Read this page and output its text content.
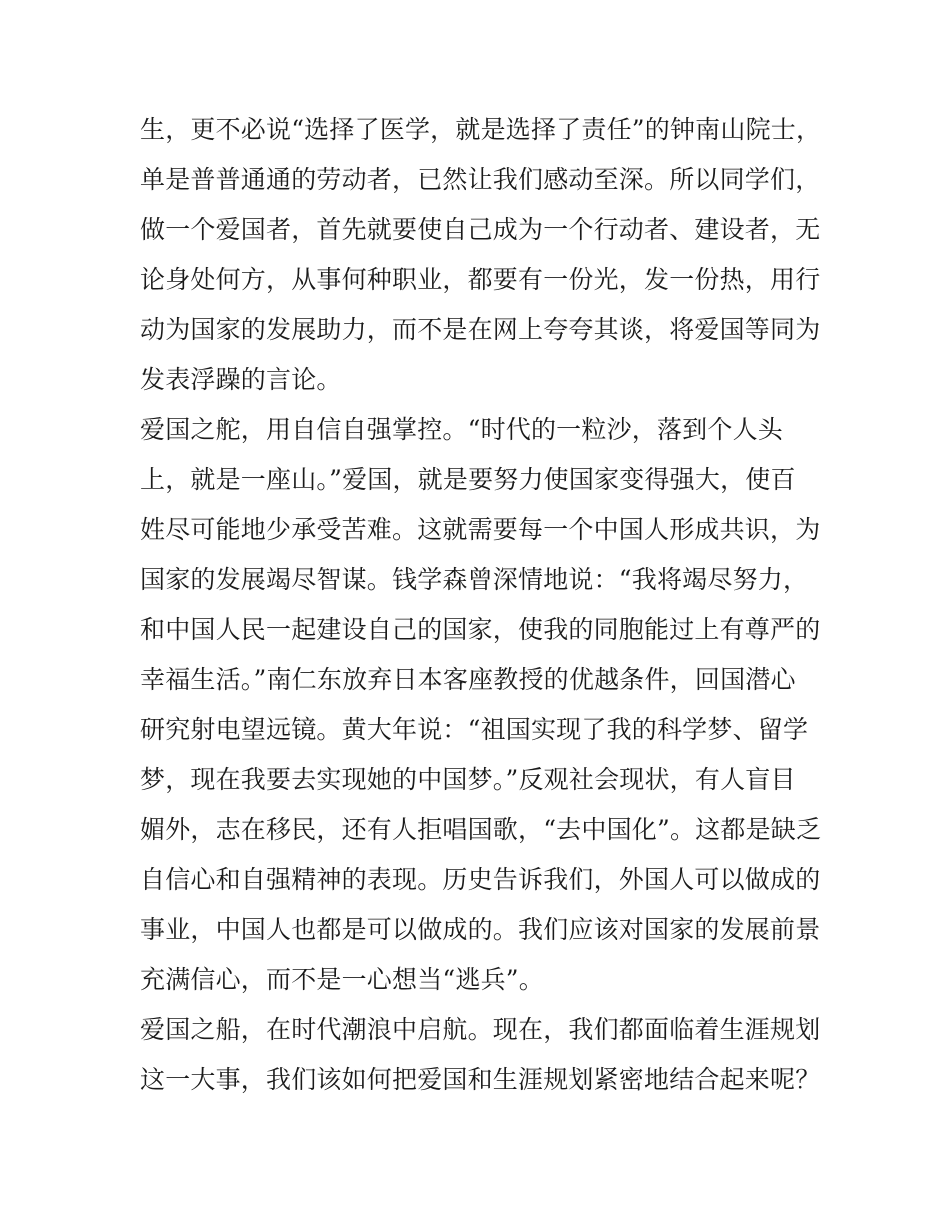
生，更不必说“选择了医学，就是选择了责任”的钟南山院士，
单是普普通通的劳动者，已然让我们感动至深。所以同学们，
做一个爱国者，首先就要使自己成为一个行动者、建设者，无
论身处何方，从事何种职业，都要有一份光，发一份热，用行
动为国家的发展助力，而不是在网上夸夸其谈，将爱国等同为
发表浮躁的言论。
爱国之舵，用自信自强掌控。“时代的一粒沙，落到个人头
上，就是一座山。”爱国，就是要努力使国家变得强大，使百
姓尽可能地少承受苦难。这就需要每一个中国人形成共识，为
国家的发展竭尽智谋。钱学森曾深情地说：“我将竭尽努力，
和中国人民一起建设自己的国家，使我的同胞能过上有尊严的
幸福生活。”南仁东放弃日本客座教授的优越条件，回国潜心
研究射电望远镜。黄大年说：“祖国实现了我的科学梦、留学
梦，现在我要去实现她的中国梦。”反观社会现状，有人盲目
媚外，志在移民，还有人拒唱国歌，“去中国化”。这都是缺乏
自信心和自强精神的表现。历史告诉我们，外国人可以做成的
事业，中国人也都是可以做成的。我们应该对国家的发展前景
充满信心，而不是一心想当“逃兵”。
爱国之船，在时代潮浪中启航。现在，我们都面临着生涯规划
这一大事，我们该如何把爱国和生涯规划紧密地结合起来呢？
